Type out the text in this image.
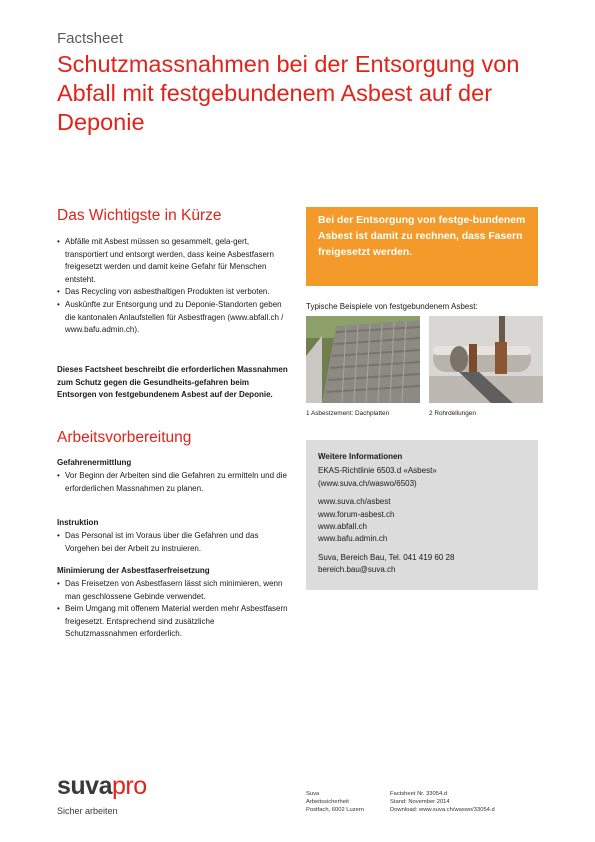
Factsheet
Schutzmassnahmen bei der Entsorgung von Abfall mit festgebundenem Asbest auf der Deponie
Das Wichtigste in Kürze
• Abfälle mit Asbest müssen so gesammelt, gela-gert, transportiert und entsorgt werden, dass keine Asbestfasern freigesetzt werden und damit keine Gefahr für Menschen entsteht.
• Das Recycling von asbesthaltigen Produkten ist verboten.
• Auskünfte zur Entsorgung und zu Deponie-Standorten geben die kantonalen Anlaufstellen für Asbestfragen (www.abfall.ch / www.bafu.admin.ch).
Dieses Factsheet beschreibt die erforderlichen Massnahmen zum Schutz gegen die Gesundheits-gefahren beim Entsorgen von festgebundenem Asbest auf der Deponie.
Arbeitsvorbereitung
Gefahrenermittlung
• Vor Beginn der Arbeiten sind die Gefahren zu ermitteln und die erforderlichen Massnahmen zu planen.
Instruktion
• Das Personal ist im Voraus über die Gefahren und das Vorgehen bei der Arbeit zu instruieren.
Minimierung der Asbestfaserfreisetzung
• Das Freisetzen von Asbestfasern lässt sich minimieren, wenn man geschlossene Gebinde verwendet.
• Beim Umgang mit offenem Material werden mehr Asbestfasern freigesetzt. Entsprechend sind zusätzliche Schutzmassnahmen erforderlich.
Bei der Entsorgung von festge-bundenem Asbest ist damit zu rechnen, dass Fasern freigesetzt werden.
Typische Beispiele von festgebundenem Asbest:
1 Asbestzement: Dachplatten	2 Rohrdellungen
Weitere Informationen
EKAS-Richtlinie 6503.d «Asbest»
(www.suva.ch/waswo/6503)
www.suva.ch/asbest
www.forum-asbest.ch
www.abfall.ch
www.bafu.admin.ch
Suva, Bereich Bau, Tel. 041 419 60 28
bereich.bau@suva.ch
suvapro
Sicher arbeiten
Suva
Arbeitssicherheit
Postfach, 6002 Luzern
Factsheet Nr. 33054.d
Stand: November 2014
Download: www.suva.ch/waswo/33054.d
